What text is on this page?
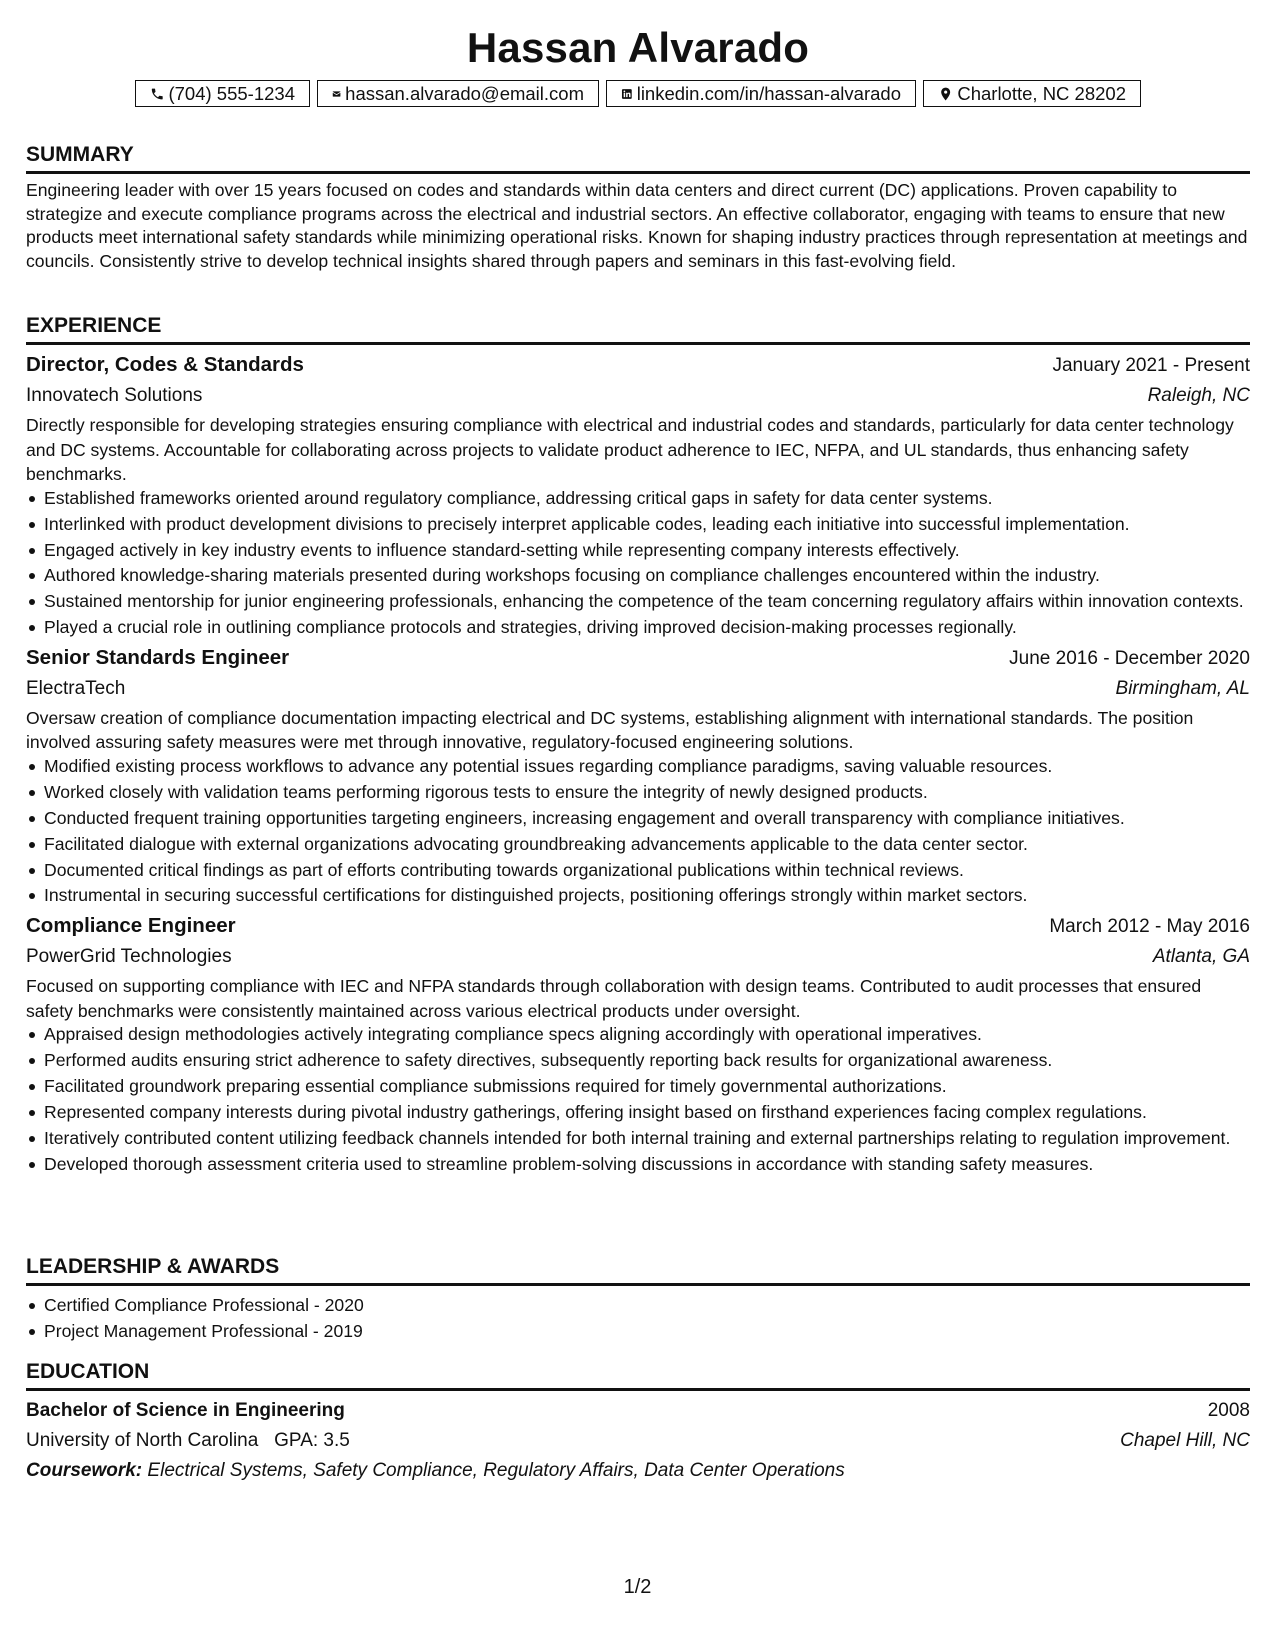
Hassan Alvarado
(704) 555-1234	hassan.alvarado@email.com	linkedin.com/in/hassan-alvarado	Charlotte, NC 28202
SUMMARY

Engineering leader with over 15 years focused on codes and standards within data centers and direct current (DC) applications. Proven capability to strategize and execute compliance programs across the electrical and industrial sectors. An effective collaborator, engaging with teams to ensure that new products meet international safety standards while minimizing operational risks. Known for shaping industry practices through representation at meetings and councils. Consistently strive to develop technical insights shared through papers and seminars in this fast-evolving field.

EXPERIENCE
Director, Codes & Standards	January 2021 - Present
Innovatech Solutions	Raleigh, NC

Directly responsible for developing strategies ensuring compliance with electrical and industrial codes and standards, particularly for data center technology and DC systems. Accountable for collaborating across projects to validate product adherence to IEC, NFPA, and UL standards, thus enhancing safety benchmarks.

Established frameworks oriented around regulatory compliance, addressing critical gaps in safety for data center systems.
Interlinked with product development divisions to precisely interpret applicable codes, leading each initiative into successful implementation.
Engaged actively in key industry events to influence standard-setting while representing company interests effectively.
Authored knowledge-sharing materials presented during workshops focusing on compliance challenges encountered within the industry.
Sustained mentorship for junior engineering professionals, enhancing the competence of the team concerning regulatory affairs within innovation contexts.
Played a crucial role in outlining compliance protocols and strategies, driving improved decision-making processes regionally.
Senior Standards Engineer	June 2016 - December 2020
ElectraTech	Birmingham, AL

Oversaw creation of compliance documentation impacting electrical and DC systems, establishing alignment with international standards. The position involved assuring safety measures were met through innovative, regulatory-focused engineering solutions.

Modified existing process workflows to advance any potential issues regarding compliance paradigms, saving valuable resources.
Worked closely with validation teams performing rigorous tests to ensure the integrity of newly designed products.
Conducted frequent training opportunities targeting engineers, increasing engagement and overall transparency with compliance initiatives.
Facilitated dialogue with external organizations advocating groundbreaking advancements applicable to the data center sector.
Documented critical findings as part of efforts contributing towards organizational publications within technical reviews.
Instrumental in securing successful certifications for distinguished projects, positioning offerings strongly within market sectors.
Compliance Engineer	March 2012 - May 2016
PowerGrid Technologies	Atlanta, GA

Focused on supporting compliance with IEC and NFPA standards through collaboration with design teams. Contributed to audit processes that ensured safety benchmarks were consistently maintained across various electrical products under oversight.

Appraised design methodologies actively integrating compliance specs aligning accordingly with operational imperatives.
Performed audits ensuring strict adherence to safety directives, subsequently reporting back results for organizational awareness.
Facilitated groundwork preparing essential compliance submissions required for timely governmental authorizations.
Represented company interests during pivotal industry gatherings, offering insight based on firsthand experiences facing complex regulations.
Iteratively contributed content utilizing feedback channels intended for both internal training and external partnerships relating to regulation improvement.
Developed thorough assessment criteria used to streamline problem-solving discussions in accordance with standing safety measures.
LEADERSHIP & AWARDS
Certified Compliance Professional - 2020
Project Management Professional - 2019
EDUCATION
Bachelor of Science in Engineering	2008
University of North Carolina GPA: 3.5	Chapel Hill, NC
Coursework: Electrical Systems, Safety Compliance, Regulatory Affairs, Data Center Operations
1/2
